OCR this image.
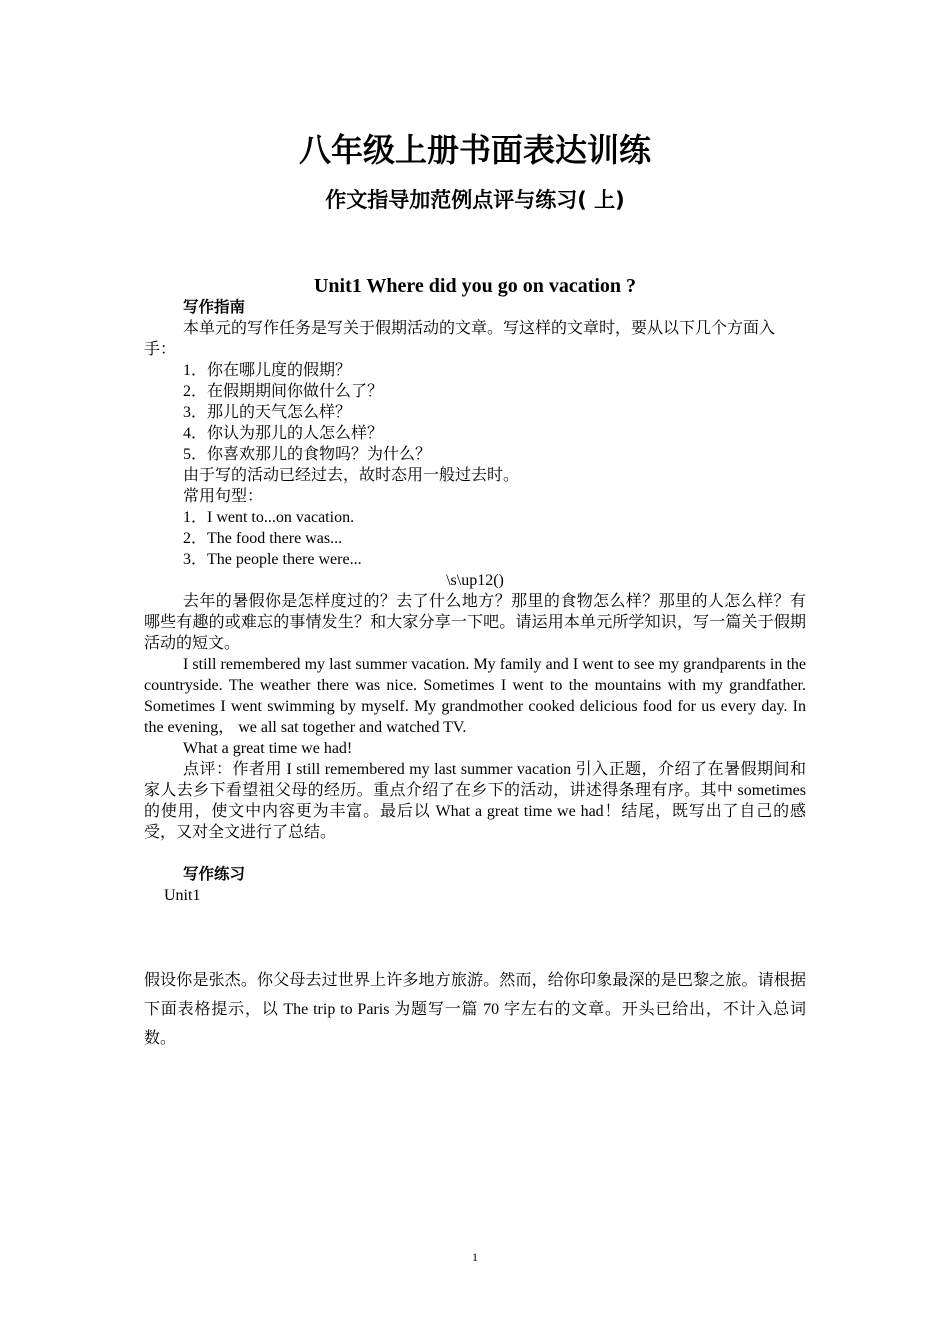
八年级上册书面表达训练
作文指导加范例点评与练习( 上)
Unit1 Where did you go on vacation ?

写作指南

本单元的写作任务是写关于假期活动的文章。写这样的文章时，要从以下几个方面入手：

1．你在哪儿度的假期？

2．在假期期间你做什么了？

3．那儿的天气怎么样？

4．你认为那儿的人怎么样？

5．你喜欢那儿的食物吗？为什么？

由于写的活动已经过去，故时态用一般过去时。

常用句型：

1．I went to...on vacation.

2．The food there was...

3．The people there were...

\s\up12()

去年的暑假你是怎样度过的？去了什么地方？那里的食物怎么样？那里的人怎么样？有哪些有趣的或难忘的事情发生？和大家分享一下吧。请运用本单元所学知识，写一篇关于假期活动的短文。

I still remembered my last summer vacation. My family and I went to see my grandparents in the countryside. The weather there was nice. Sometimes I went to the mountains with my grandfather. Sometimes I went swimming by myself. My grandmother cooked delicious food for us every day. In the evening， we all sat together and watched TV.

What a great time we had!

点评：作者用 I still remembered my last summer vacation 引入正题，介绍了在暑假期间和家人去乡下看望祖父母的经历。重点介绍了在乡下的活动，讲述得条理有序。其中 sometimes 的使用，使文中内容更为丰富。最后以 What a great time we had！结尾，既写出了自己的感受，又对全文进行了总结。

写作练习

Unit1

假设你是张杰。你父母去过世界上许多地方旅游。然而，给你印象最深的是巴黎之旅。请根据下面表格提示，以 The trip to Paris 为题写一篇 70 字左右的文章。开头已给出，不计入总词数。
1
